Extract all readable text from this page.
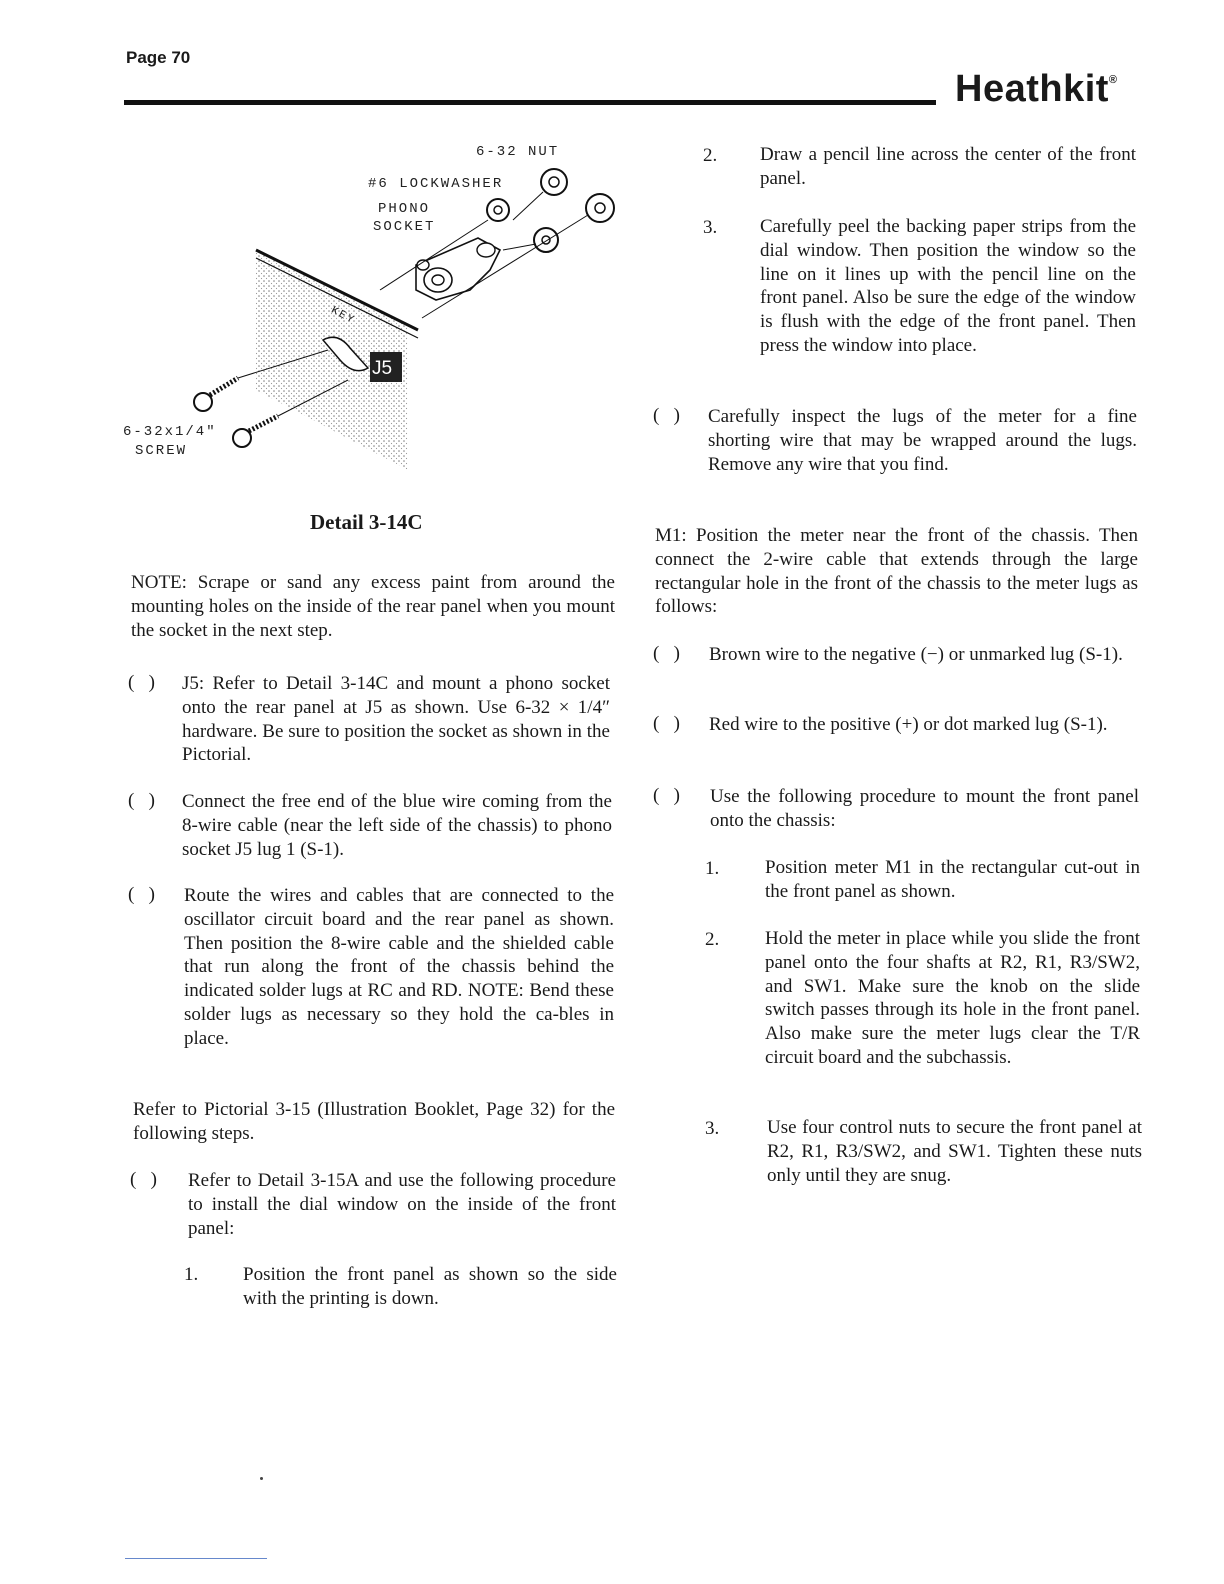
Page 70
Heathkit®
6-32 NUT
#6 LOCKWASHER
PHONO
SOCKET
KEY
J5
6-32x1/4"
SCREW
Detail 3-14C
NOTE: Scrape or sand any excess paint from around the mounting holes on the inside of the rear panel when you mount the socket in the next step.
(   ) J5: Refer to Detail 3-14C and mount a phono socket onto the rear panel at J5 as shown. Use 6-32 × 1/4″ hardware. Be sure to position the socket as shown in the Pictorial.
(   ) Connect the free end of the blue wire coming from the 8-wire cable (near the left side of the chassis) to phono socket J5 lug 1 (S-1).
(   ) Route the wires and cables that are connected to the oscillator circuit board and the rear panel as shown. Then position the 8-wire cable and the shielded cable that run along the front of the chassis behind the indicated solder lugs at RC and RD. NOTE: Bend these solder lugs as necessary so they hold the ca-bles in place.
Refer to Pictorial 3-15 (Illustration Booklet, Page 32) for the following steps.
(   ) Refer to Detail 3-15A and use the following procedure to install the dial window on the inside of the front panel:
1. Position the front panel as shown so the side with the printing is down.
2. Draw a pencil line across the center of the front panel.
3. Carefully peel the backing paper strips from the dial window. Then position the window so the line on it lines up with the pencil line on the front panel. Also be sure the edge of the window is flush with the edge of the front panel. Then press the window into place.
(   ) Carefully inspect the lugs of the meter for a fine shorting wire that may be wrapped around the lugs. Remove any wire that you find.
M1: Position the meter near the front of the chassis. Then connect the 2-wire cable that extends through the large rectangular hole in the front of the chassis to the meter lugs as follows:
(   ) Brown wire to the negative (−) or unmarked lug (S-1).
(   ) Red wire to the positive (+) or dot marked lug (S-1).
(   ) Use the following procedure to mount the front panel onto the chassis:
1. Position meter M1 in the rectangular cut-out in the front panel as shown.
2. Hold the meter in place while you slide the front panel onto the four shafts at R2, R1, R3/SW2, and SW1. Make sure the knob on the slide switch passes through its hole in the front panel. Also make sure the meter lugs clear the T/R circuit board and the subchassis.
3.	Use four control nuts to secure the front panel at R2, R1, R3/SW2, and SW1. Tighten these nuts only until they are snug.
